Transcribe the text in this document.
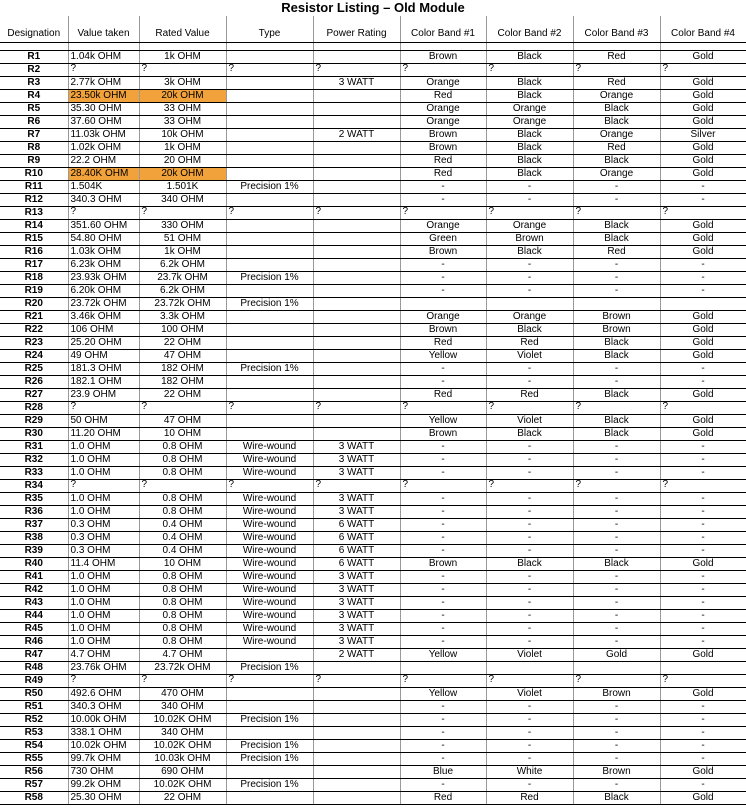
Resistor Listing – Old Module
Designation	Value taken	Rated Value	Type	Power Rating	Color Band #1	Color Band #2	Color Band #3	Color Band #4

R1	1.04k OHM	1k OHM			Brown	Black	Red	Gold
R2	?	?	?	?	?	?	?	?
R3	2.77k OHM	3k OHM		3 WATT	Orange	Black	Red	Gold
R4	23.50k OHM	20k OHM			Red	Black	Orange	Gold
R5	35.30 OHM	33 OHM			Orange	Orange	Black	Gold
R6	37.60 OHM	33 OHM			Orange	Orange	Black	Gold
R7	11.03k OHM	10k OHM		2 WATT	Brown	Black	Orange	Silver
R8	1.02k OHM	1k OHM			Brown	Black	Red	Gold
R9	22.2 OHM	20 OHM			Red	Black	Black	Gold
R10	28.40K OHM	20k OHM			Red	Black	Orange	Gold
R11	1.504K	1.501K	Precision 1%		-	-	-	-
R12	340.3 OHM	340 OHM			-	-	-	-
R13	?	?	?	?	?	?	?	?
R14	351.60 OHM	330 OHM			Orange	Orange	Black	Gold
R15	54.80 OHM	51 OHM			Green	Brown	Black	Gold
R16	1.03k OHM	1k OHM			Brown	Black	Red	Gold
R17	6.23k OHM	6.2k OHM			-	-	-	-
R18	23.93k OHM	23.7k OHM	Precision 1%		-	-	-	-
R19	6.20k OHM	6.2k OHM			-	-	-	-
R20	23.72k OHM	23.72k OHM	Precision 1%					
R21	3.46k OHM	3.3k OHM			Orange	Orange	Brown	Gold
R22	106 OHM	100 OHM			Brown	Black	Brown	Gold
R23	25.20 OHM	22 OHM			Red	Red	Black	Gold
R24	49 OHM	47 OHM			Yellow	Violet	Black	Gold
R25	181.3 OHM	182 OHM	Precision 1%		-	-	-	-
R26	182.1 OHM	182 OHM			-	-	-	-
R27	23.9 OHM	22 OHM			Red	Red	Black	Gold
R28	?	?	?	?	?	?	?	?
R29	50 OHM	47 OHM			Yellow	Violet	Black	Gold
R30	11.20 OHM	10 OHM			Brown	Black	Black	Gold
R31	1.0 OHM	0.8 OHM	Wire-wound	3 WATT	-	-	-	-
R32	1.0 OHM	0.8 OHM	Wire-wound	3 WATT	-	-	-	-
R33	1.0 OHM	0.8 OHM	Wire-wound	3 WATT	-	-	-	-
R34	?	?	?	?	?	?	?	?
R35	1.0 OHM	0.8 OHM	Wire-wound	3 WATT	-	-	-	-
R36	1.0 OHM	0.8 OHM	Wire-wound	3 WATT	-	-	-	-
R37	0.3 OHM	0.4 OHM	Wire-wound	6 WATT	-	-	-	-
R38	0.3 OHM	0.4 OHM	Wire-wound	6 WATT	-	-	-	-
R39	0.3 OHM	0.4 OHM	Wire-wound	6 WATT	-	-	-	-
R40	11.4 OHM	10 OHM	Wire-wound	6 WATT	Brown	Black	Black	Gold
R41	1.0 OHM	0.8 OHM	Wire-wound	3 WATT	-	-	-	-
R42	1.0 OHM	0.8 OHM	Wire-wound	3 WATT	-	-	-	-
R43	1.0 OHM	0.8 OHM	Wire-wound	3 WATT	-	-	-	-
R44	1.0 OHM	0.8 OHM	Wire-wound	3 WATT	-	-	-	-
R45	1.0 OHM	0.8 OHM	Wire-wound	3 WATT	-	-	-	-
R46	1.0 OHM	0.8 OHM	Wire-wound	3 WATT	-	-	-	-
R47	4.7 OHM	4.7 OHM		2 WATT	Yellow	Violet	Gold	Gold
R48	23.76k OHM	23.72k OHM	Precision 1%					
R49	?	?	?	?	?	?	?	?
R50	492.6 OHM	470 OHM			Yellow	Violet	Brown	Gold
R51	340.3 OHM	340 OHM			-	-	-	-
R52	10.00k OHM	10.02K OHM	Precision 1%		-	-	-	-
R53	338.1 OHM	340 OHM			-	-	-	-
R54	10.02k OHM	10.02K OHM	Precision 1%		-	-	-	-
R55	99.7k OHM	10.03k OHM	Precision 1%		-	-	-	-
R56	730 OHM	690 OHM			Blue	White	Brown	Gold
R57	99.2k OHM	10.02K OHM	Precision 1%		-	-	-	-
R58	25.30 OHM	22 OHM			Red	Red	Black	Gold
